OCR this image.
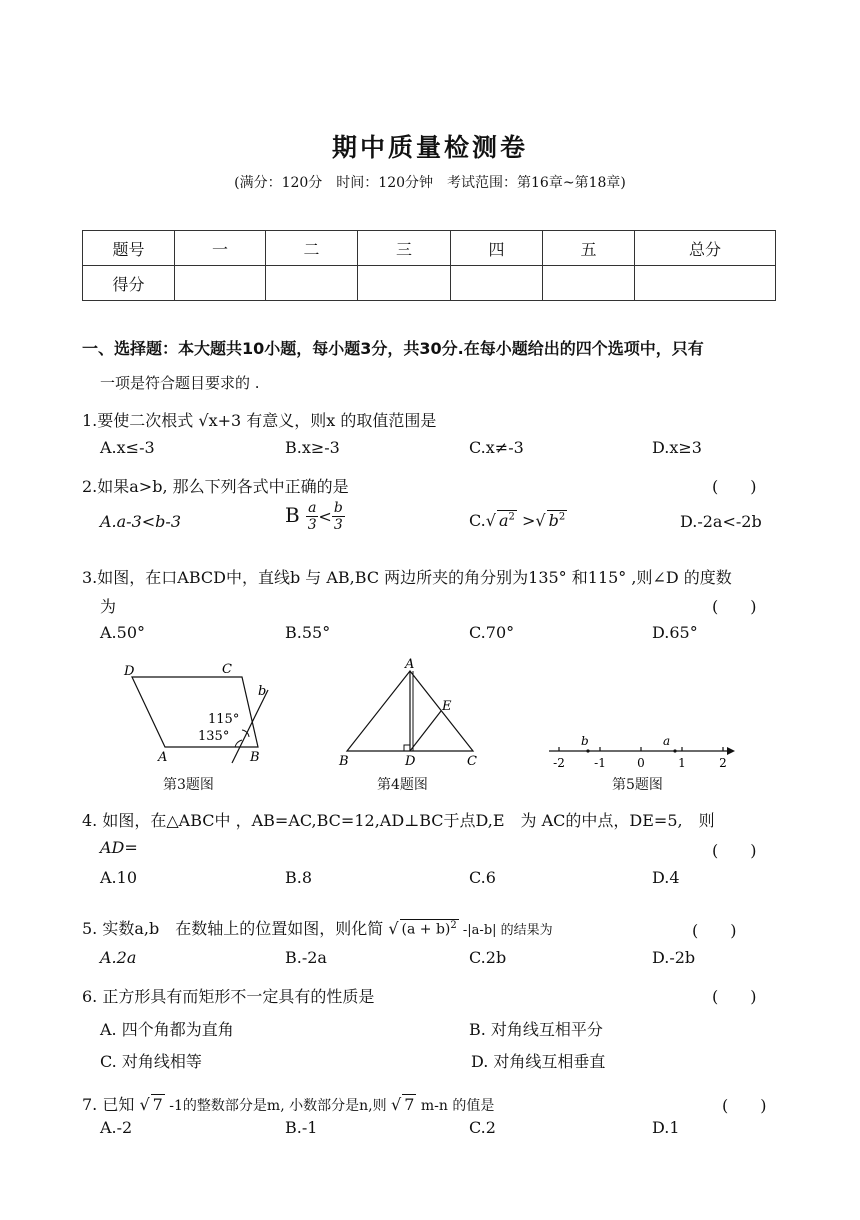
期中质量检测卷
(满分：120分　时间：120分钟　考试范围：第16章~第18章)
题号	一	二	三	四	五	总分
得分						
一、选择题：本大题共10小题，每小题3分，共30分.在每小题给出的四个选项中，只有
一项是符合题目要求的 .
1.要使二次根式 √x+3 有意义，则x 的取值范围是
A.x≤-3	B.x≥-3	C.x≠-3	D.x≥3
2.如果a>b, 那么下列各式中正确的是	(　　)
A.a-3<b-3	B $\frac{a}{3} < \frac{b}{3}$	C.√ $a^2$ >√ $b^2$	D.-2a<-2b
3.如图，在口ABCD中，直线b 与 AB,BC 两边所夹的角分别为135° 和115° ,则∠D 的度数
为	(　　)
A.50°	B.55°	C.70°	D.65°
D	C
A	B
b
115°
135°
第3题图
A
B	C
D
E
第4题图
-2 -1	0	1	2
b	a
第5题图
4. 如图，在△ABC中 ，AB=AC,BC=12,AD⊥BC于点D,E　为 AC的中点，DE=5,　则
AD=	(　　)
A.10	B.8	C.6	D.4
5. 实数a,b　在数轴上的位置如图，则化简 √ $(a + b)^2$ -|a-b| 的结果为	(　　)
A.2a	B.-2a	C.2b	D.-2b
6. 正方形具有而矩形不一定具有的性质是	(　　)
A. 四个角都为直角	B. 对角线互相平分
C. 对角线相等	D. 对角线互相垂直
7. 已知 √ 7 -1的整数部分是m, 小数部分是n,则 √ 7 m-n 的值是	(　　)
A.-2	B.-1	C.2	D.1
